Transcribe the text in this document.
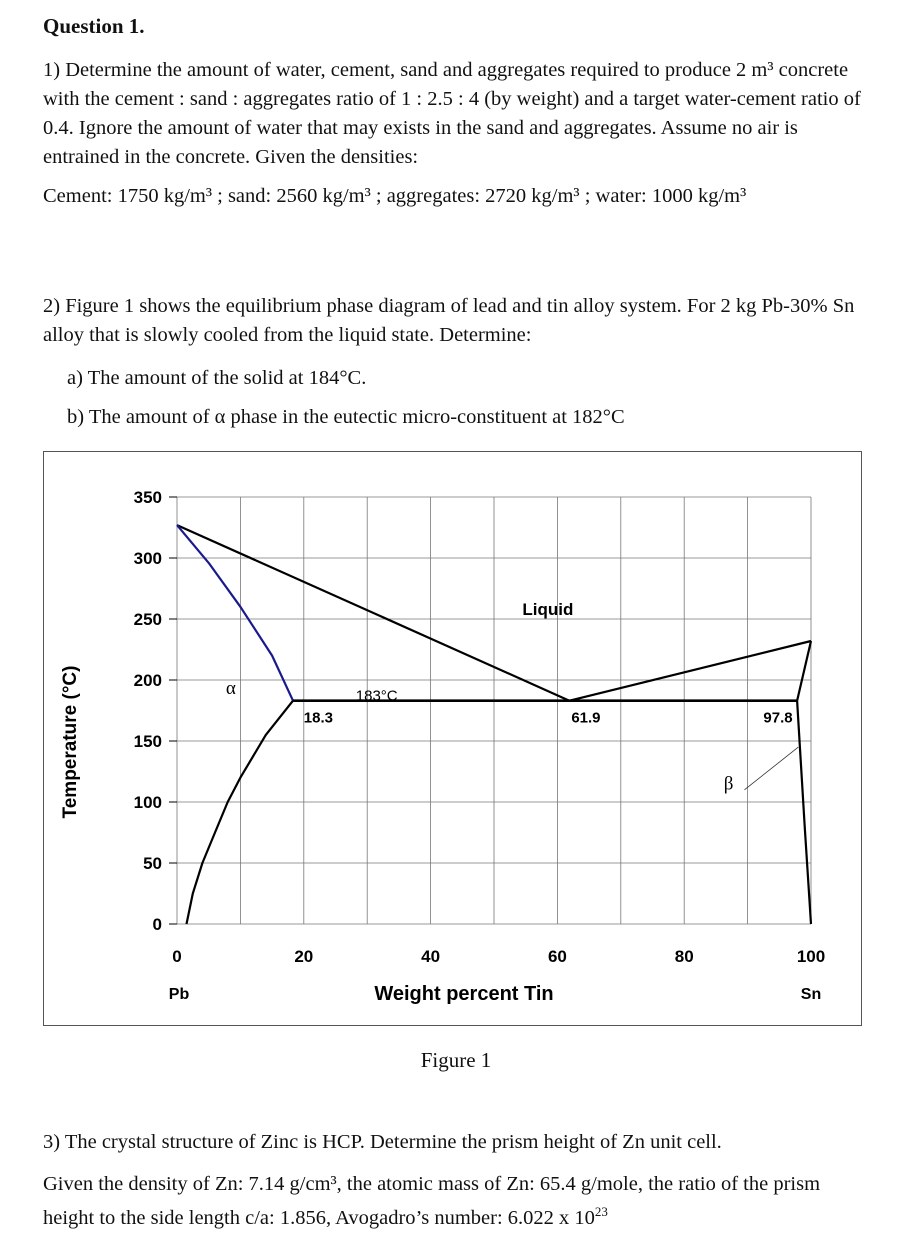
Question 1.
1) Determine the amount of water, cement, sand and aggregates required to produce 2 m³ concrete with the cement : sand : aggregates ratio of 1 : 2.5 : 4 (by weight) and a target water-cement ratio of 0.4. Ignore the amount of water that may exists in the sand and aggregates. Assume no air is entrained in the concrete. Given the densities:
Cement: 1750 kg/m³ ; sand: 2560 kg/m³ ; aggregates: 2720 kg/m³ ; water: 1000 kg/m³
2) Figure 1 shows the equilibrium phase diagram of lead and tin alloy system. For 2 kg Pb-30% Sn alloy that is slowly cooled from the liquid state. Determine:
a) The amount of the solid at 184°C.
b) The amount of α phase in the eutectic micro-constituent at 182°C
0
50
100
150
200
250
300
350
0	20	40	60	80	100
Liquid
α
β
183°C
18.3	61.9	97.8
Temperature (°C)
Weight percent Tin
Pb	Sn
Figure 1
3) The crystal structure of Zinc is HCP. Determine the prism height of Zn unit cell.
Given the density of Zn: 7.14 g/cm³, the atomic mass of Zn: 65.4 g/mole, the ratio of the prism height to the side length c/a: 1.856, Avogadro’s number: 6.022 x $10^{23}$
